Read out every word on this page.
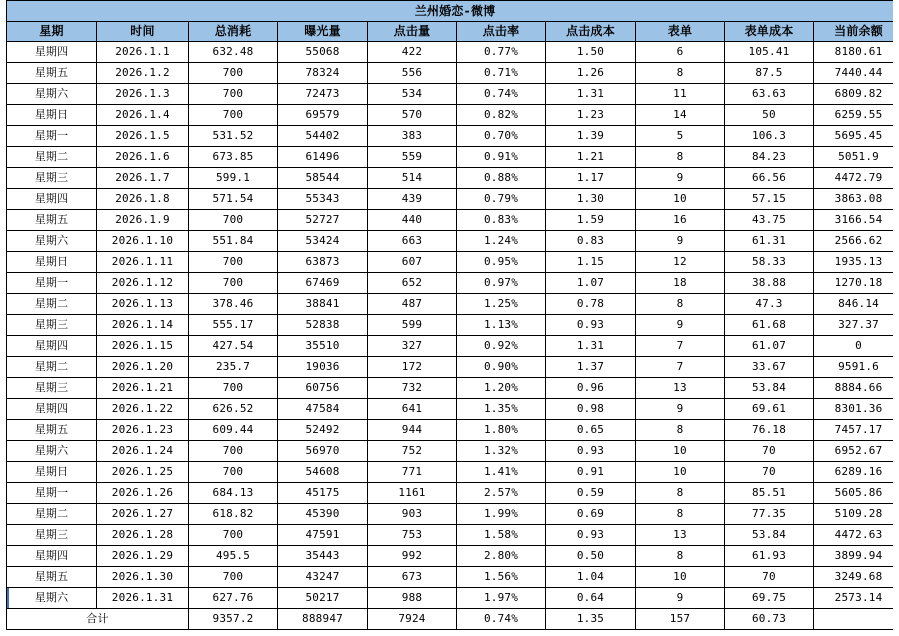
兰州婚恋-微博									
星期	时间	总消耗	曝光量	点击量	点击率	点击成本	表单	表单成本	当前余额
星期四	2026.1.1	632.48	55068	422	0.77%	1.50	6	105.41	8180.61
星期五	2026.1.2	700	78324	556	0.71%	1.26	8	87.5	7440.44
星期六	2026.1.3	700	72473	534	0.74%	1.31	11	63.63	6809.82
星期日	2026.1.4	700	69579	570	0.82%	1.23	14	50	6259.55
星期一	2026.1.5	531.52	54402	383	0.70%	1.39	5	106.3	5695.45
星期二	2026.1.6	673.85	61496	559	0.91%	1.21	8	84.23	5051.9
星期三	2026.1.7	599.1	58544	514	0.88%	1.17	9	66.56	4472.79
星期四	2026.1.8	571.54	55343	439	0.79%	1.30	10	57.15	3863.08
星期五	2026.1.9	700	52727	440	0.83%	1.59	16	43.75	3166.54
星期六	2026.1.10	551.84	53424	663	1.24%	0.83	9	61.31	2566.62
星期日	2026.1.11	700	63873	607	0.95%	1.15	12	58.33	1935.13
星期一	2026.1.12	700	67469	652	0.97%	1.07	18	38.88	1270.18
星期二	2026.1.13	378.46	38841	487	1.25%	0.78	8	47.3	846.14
星期三	2026.1.14	555.17	52838	599	1.13%	0.93	9	61.68	327.37
星期四	2026.1.15	427.54	35510	327	0.92%	1.31	7	61.07	0
星期二	2026.1.20	235.7	19036	172	0.90%	1.37	7	33.67	9591.6
星期三	2026.1.21	700	60756	732	1.20%	0.96	13	53.84	8884.66
星期四	2026.1.22	626.52	47584	641	1.35%	0.98	9	69.61	8301.36
星期五	2026.1.23	609.44	52492	944	1.80%	0.65	8	76.18	7457.17
星期六	2026.1.24	700	56970	752	1.32%	0.93	10	70	6952.67
星期日	2026.1.25	700	54608	771	1.41%	0.91	10	70	6289.16
星期一	2026.1.26	684.13	45175	1161	2.57%	0.59	8	85.51	5605.86
星期二	2026.1.27	618.82	45390	903	1.99%	0.69	8	77.35	5109.28
星期三	2026.1.28	700	47591	753	1.58%	0.93	13	53.84	4472.63
星期四	2026.1.29	495.5	35443	992	2.80%	0.50	8	61.93	3899.94
星期五	2026.1.30	700	43247	673	1.56%	1.04	10	70	3249.68
星期六	2026.1.31	627.76	50217	988	1.97%	0.64	9	69.75	2573.14
合计		9357.2	888947	7924	0.74%	1.35	157	60.73	
